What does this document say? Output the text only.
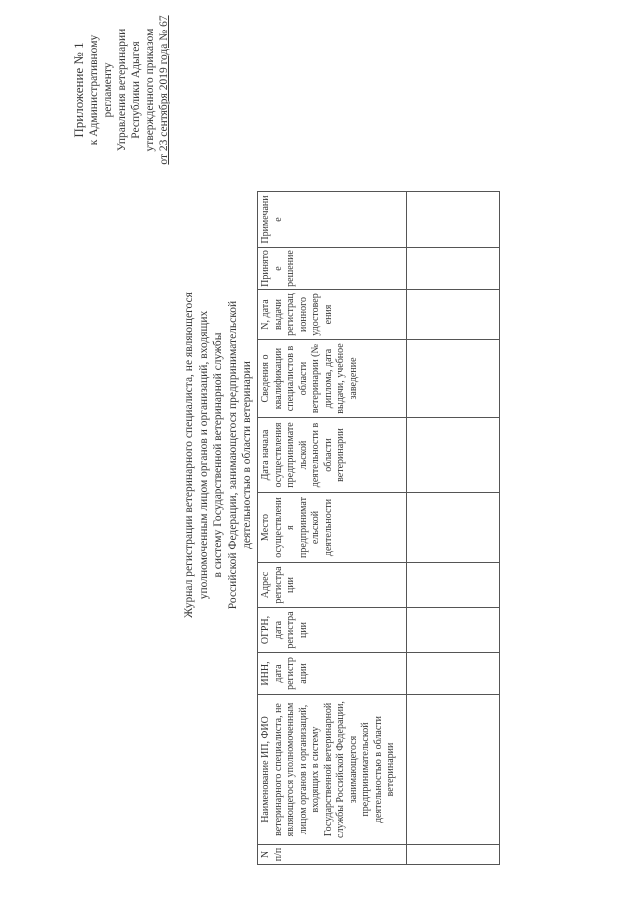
Приложение № 1 к Административному регламенту Управления ветеринарии Республики Адыгея утвержденного приказом от 23 сентября 2019 года № 67
Журнал регистрации ветеринарного специалиста, не являющегося уполномоченным лицом органов и организаций, входящих в систему Государственной ветеринарной службы Российской Федерации, занимающегося предпринимательской деятельностью в области ветеринарии
N п/п	Наименование ИП, ФИО ветеринарного специалиста, не являющегося уполномоченным лицом органов и организаций, входящих в систему Государственной ветеринарной службы Российской Федерации, занимающегося предпринимательской деятельностью в области ветеринарии	ИНН, дата регистрации	ОГРН, дата регистрации	Адрес регистрации	Место осуществления предпринимательской деятельности	Дата начала осуществления предпринимательской деятельности в области ветеринарии	Сведения о квалификации специалистов в области ветеринарии (№ диплома, дата выдачи, учебное заведение	N, дата выдачи регистрационного удостоверения	Принятое решение	Примечание
